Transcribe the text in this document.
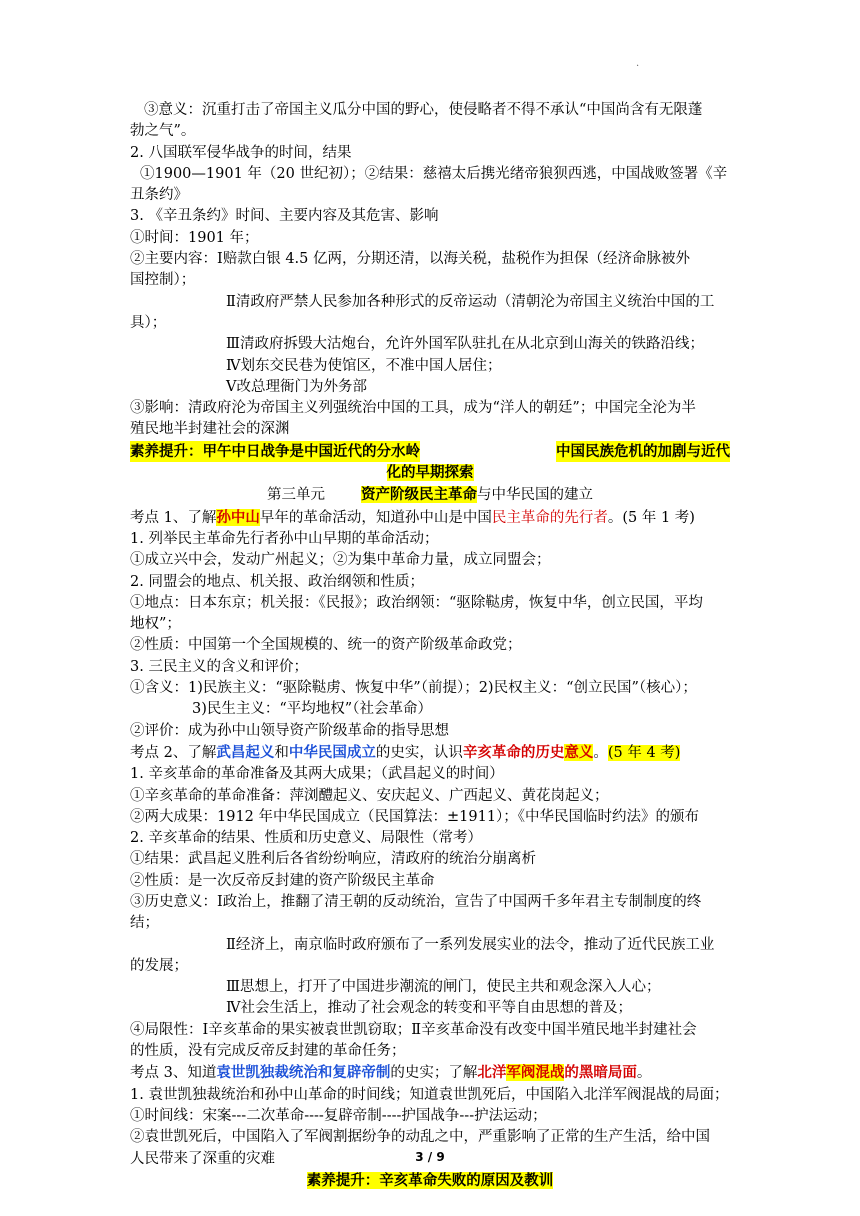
.
③意义：沉重打击了帝国主义瓜分中国的野心，使侵略者不得不承认“中国尚含有无限蓬
勃之气”。
2. 八国联军侵华战争的时间，结果
①1900—1901 年（20 世纪初）；②结果：慈禧太后携光绪帝狼狈西逃，中国战败签署《辛
丑条约》
3. 《辛丑条约》时间、主要内容及其危害、影响
①时间：1901 年；
②主要内容：Ⅰ赔款白银 4.5 亿两，分期还清，以海关税，盐税作为担保（经济命脉被外
国控制）；
Ⅱ清政府严禁人民参加各种形式的反帝运动（清朝沦为帝国主义统治中国的工
具）；
Ⅲ清政府拆毁大沽炮台，允许外国军队驻扎在从北京到山海关的铁路沿线；
Ⅳ划东交民巷为使馆区，不准中国人居住；
Ⅴ改总理衙门为外务部
③影响：清政府沦为帝国主义列强统治中国的工具，成为“洋人的朝廷”；中国完全沦为半
殖民地半封建社会的深渊
素养提升：甲午中日战争是中国近代的分水岭	中国民族危机的加剧与近代
化的早期探索
第三单元 资产阶级民主革命与中华民国的建立
考点 1、了解孙中山早年的革命活动，知道孙中山是中国民主革命的先行者。(5 年 1 考)
1. 列举民主革命先行者孙中山早期的革命活动；
①成立兴中会，发动广州起义；②为集中革命力量，成立同盟会；
2. 同盟会的地点、机关报、政治纲领和性质；
①地点：日本东京；机关报：《民报》；政治纲领：“驱除鞑虏，恢复中华，创立民国，平均
地权”；
②性质：中国第一个全国规模的、统一的资产阶级革命政党；
3. 三民主义的含义和评价；
①含义：1)民族主义：“驱除鞑虏、恢复中华”（前提）；2)民权主义：“创立民国”（核心）；
3)民生主义：“平均地权”（社会革命）
②评价：成为孙中山领导资产阶级革命的指导思想
考点 2、了解武昌起义和中华民国成立的史实，认识辛亥革命的历史意义。(5 年 4 考)
1. 辛亥革命的革命准备及其两大成果；（武昌起义的时间）
①辛亥革命的革命准备：萍浏醴起义、安庆起义、广西起义、黄花岗起义；
②两大成果：1912 年中华民国成立（民国算法：±1911）；《中华民国临时约法》的颁布
2. 辛亥革命的结果、性质和历史意义、局限性（常考）
①结果：武昌起义胜利后各省纷纷响应，清政府的统治分崩离析
②性质：是一次反帝反封建的资产阶级民主革命
③历史意义：Ⅰ政治上，推翻了清王朝的反动统治，宣告了中国两千多年君主专制制度的终
结；
Ⅱ经济上，南京临时政府颁布了一系列发展实业的法令，推动了近代民族工业
的发展；
Ⅲ思想上，打开了中国进步潮流的闸门，使民主共和观念深入人心；
Ⅳ社会生活上，推动了社会观念的转变和平等自由思想的普及；
④局限性：Ⅰ辛亥革命的果实被袁世凯窃取；Ⅱ辛亥革命没有改变中国半殖民地半封建社会
的性质，没有完成反帝反封建的革命任务；
考点 3、知道袁世凯独裁统治和复辟帝制的史实；了解北洋军阀混战的黑暗局面。
1. 袁世凯独裁统治和孙中山革命的时间线；知道袁世凯死后，中国陷入北洋军阀混战的局面；
①时间线：宋案---二次革命----复辟帝制----护国战争---护法运动；
②袁世凯死后，中国陷入了军阀割据纷争的动乱之中，严重影响了正常的生产生活，给中国
人民带来了深重的灾难
素养提升：辛亥革命失败的原因及教训
3 / 9
